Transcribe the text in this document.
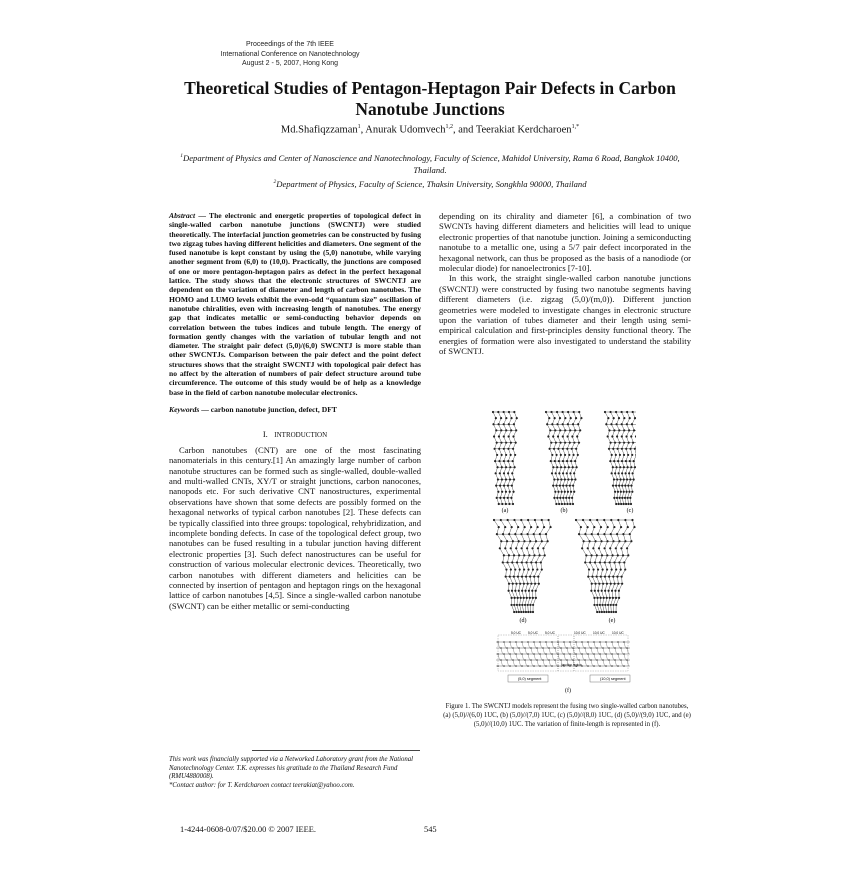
Proceedings of the 7th IEEE
International Conference on Nanotechnology
August 2 - 5, 2007, Hong Kong
Theoretical Studies of Pentagon-Heptagon Pair Defects in Carbon Nanotube Junctions
Md.Shafiqzzaman$^1$, Anurak Udomvech$^{1,2}$, and Teerakiat Kerdcharoen$^{1,*}$

$^1$Department of Physics and Center of Nanoscience and Nanotechnology, Faculty of Science, Mahidol University, Rama 6 Road, Bangkok 10400, Thailand.

$^2$Department of Physics, Faculty of Science, Thaksin University, Songkhla 90000, Thailand

Abstract — The electronic and energetic properties of topological defect in single-walled carbon nanotube junctions (SWCNTJ) were studied theoretically. The interfacial junction geometries can be constructed by fusing two zigzag tubes having different helicities and diameters. One segment of the fused nanotube is kept constant by using the (5,0) nanotube, while varying another segment from (6,0) to (10,0). Practically, the junctions are composed of one or more pentagon-heptagon pairs as defect in the perfect hexagonal lattice. The study shows that the electronic structures of SWCNTJ are dependent on the variation of diameter and length of carbon nanotubes. The HOMO and LUMO levels exhibit the even-odd “quantum size” oscillation of nanotube chiralities, even with increasing length of nanotubes. The energy gap that indicates metallic or semi-conducting behavior depends on correlation between the tubes indices and tubule length. The energy of formation gently changes with the variation of tubular length and not diameter. The straight pair defect (5,0)/(6,0) SWCNTJ is more stable than other SWCNTJs. Comparison between the pair defect and the point defect structures shows that the straight SWCNTJ with topological pair defect has no affect by the alteration of numbers of pair defect structure around tube circumference. The outcome of this study would be of help as a knowledge base in the field of carbon nanotube molecular electronics.

Keywords — carbon nanotube junction, defect, DFT

I. INTRODUCTION

Carbon nanotubes (CNT) are one of the most fascinating nanomaterials in this century.[1] An amazingly large number of carbon nanotube structures can be formed such as single-walled, double-walled and multi-walled CNTs, XY/T or straight junctions, carbon nanocones, nanopods etc. For such derivative CNT nanostructures, experimental observations have shown that some defects are possibly formed on the hexagonal networks of typical carbon nanotubes [2]. These defects can be typically classified into three groups: topological, rehybridization, and incomplete bonding defects. In case of the topological defect group, two nanotubes can be fused resulting in a tubular junction having different electronic properties [3]. Such defect nanostructures can be useful for construction of various molecular electronic devices. Theoretically, two carbon nanotubes with different diameters and helicities can be connected by insertion of pentagon and heptagon rings on the hexagonal lattice of carbon nanotubes [4,5]. Since a single-walled carbon nanotube (SWCNT) can be either metallic or semi-conducting

depending on its chirality and diameter [6], a combination of two SWCNTs having different diameters and helicities will lead to unique electronic properties of that nanotube junction. Joining a semiconducting nanotube to a metallic one, using a 5/7 pair defect incorporated in the hexagonal network, can thus be proposed as the basis of a nanodiode (or molecular diode) for nanoelectronics [7-10].

In this work, the straight single-walled carbon nanotube junctions (SWCNTJ) were constructed by fusing two nanotube segments having different diameters (i.e. zigzag (5,0)/(m,0)). Different junction geometries were modeled to investigate changes in electronic structure upon the variation of tubes diameter and their length using semi-empirical calculation and first-principles density functional theory. The energies of formation were also investigated to understand the stability of SWCNTJ.

(a)	(b)	(c)
(d)	(e)
(f)
5,0 UC 5,0 UC 5,0 UC	10,0 UC 10,0 UC 10,0 UC
(5,0) segment	(10,0) segment
junction region
Figure 1. The SWCNTJ models represent the fusing two single-walled carbon nanotubes, (a) (5,0)//(6,0) 1UC, (b) (5,0)//(7,0) 1UC, (c) (5,0)//(8,0) 1UC, (d) (5,0)//(9,0) 1UC, and (e) (5,0)//(10,0) 1UC. The variation of finite-length is represented in (f).

This work was financially supported via a Networked Laboratory grant from the National Nanotechnology Center. T.K. expresses his gratitude to the Thailand Research Fund (RMU4880008).

*Contact author: for T. Kerdcharoen contact teerakiat@yahoo.com.

1-4244-0608-0/07/$20.00 © 2007 IEEE.	545
